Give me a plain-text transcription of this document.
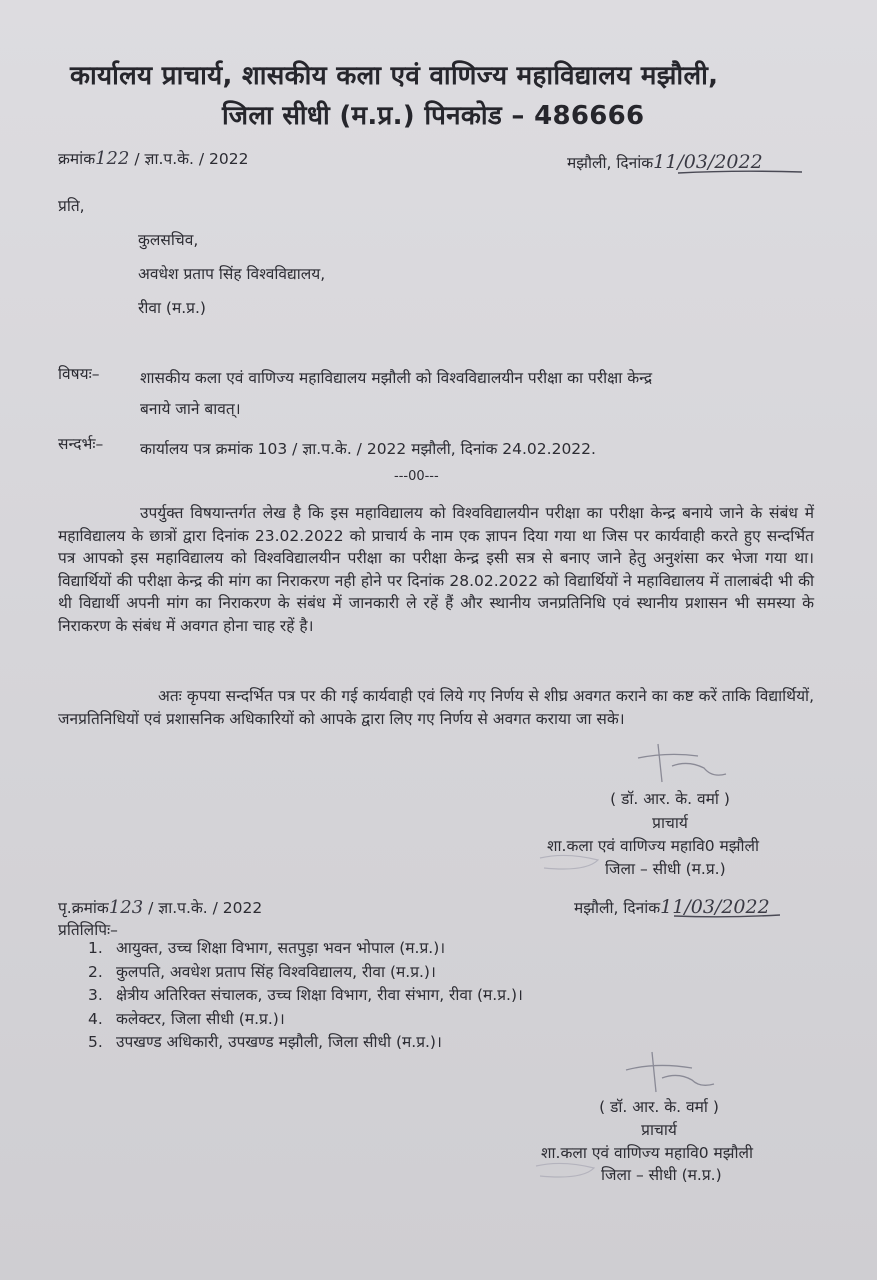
कार्यालय प्राचार्य, शासकीय कला एवं वाणिज्य महाविद्यालय मझौली,
जिला सीधी (म.प्र.) पिनकोड – 486666
क्रमांक122 / ज्ञा.प.के. / 2022	मझौली, दिनांक11/03/2022
प्रति,
कुलसचिव,
अवधेश प्रताप सिंह विश्वविद्यालय,
रीवा (म.प्र.)
विषयः–	शासकीय कला एवं वाणिज्य महाविद्यालय मझौली को विश्वविद्यालयीन परीक्षा का परीक्षा केन्द्र
बनाये जाने बावत्।
सन्दर्भः– कार्यालय पत्र क्रमांक 103 / ज्ञा.प.के. / 2022 मझौली, दिनांक 24.02.2022.
---00---
उपर्युक्त विषयान्तर्गत लेख है कि इस महाविद्यालय को विश्वविद्यालयीन परीक्षा का परीक्षा केन्द्र बनाये जाने के संबंध में महाविद्यालय के छात्रों द्वारा दिनांक 23.02.2022 को प्राचार्य के नाम एक ज्ञापन दिया गया था जिस पर कार्यवाही करते हुए सन्दर्भित पत्र आपको इस महाविद्यालय को विश्वविद्यालयीन परीक्षा का परीक्षा केन्द्र इसी सत्र से बनाए जाने हेतु अनुशंसा कर भेजा गया था। विद्यार्थियों की परीक्षा केन्द्र की मांग का निराकरण नही होने पर दिनांक 28.02.2022 को विद्यार्थियों ने महाविद्यालय में तालाबंदी भी की थी विद्यार्थी अपनी मांग का निराकरण के संबंध में जानकारी ले रहें हैं और स्थानीय जनप्रतिनिधि एवं स्थानीय प्रशासन भी समस्या के निराकरण के संबंध में अवगत होना चाह रहें है।
अतः कृपया सन्दर्भित पत्र पर की गई कार्यवाही एवं लिये गए निर्णय से शीघ्र अवगत कराने का कष्ट करें ताकि विद्यार्थियों, जनप्रतिनिधियों एवं प्रशासनिक अधिकारियों को आपके द्वारा लिए गए निर्णय से अवगत कराया जा सके।
( डॉ. आर. के. वर्मा )
प्राचार्य
शा.कला एवं वाणिज्य महावि0 मझौली
जिला – सीधी (म.प्र.)
पृ.क्रमांक123 / ज्ञा.प.के. / 2022	मझौली, दिनांक11/03/2022
प्रतिलिपिः–
1. आयुक्त, उच्च शिक्षा विभाग, सतपुड़ा भवन भोपाल (म.प्र.)।
2. कुलपति, अवधेश प्रताप सिंह विश्वविद्यालय, रीवा (म.प्र.)।
3. क्षेत्रीय अतिरिक्त संचालक, उच्च शिक्षा विभाग, रीवा संभाग, रीवा (म.प्र.)।
4. कलेक्टर, जिला सीधी (म.प्र.)।
5. उपखण्ड अधिकारी, उपखण्ड मझौली, जिला सीधी (म.प्र.)।
( डॉ. आर. के. वर्मा )
प्राचार्य
शा.कला एवं वाणिज्य महावि0 मझौली
जिला – सीधी (म.प्र.)
